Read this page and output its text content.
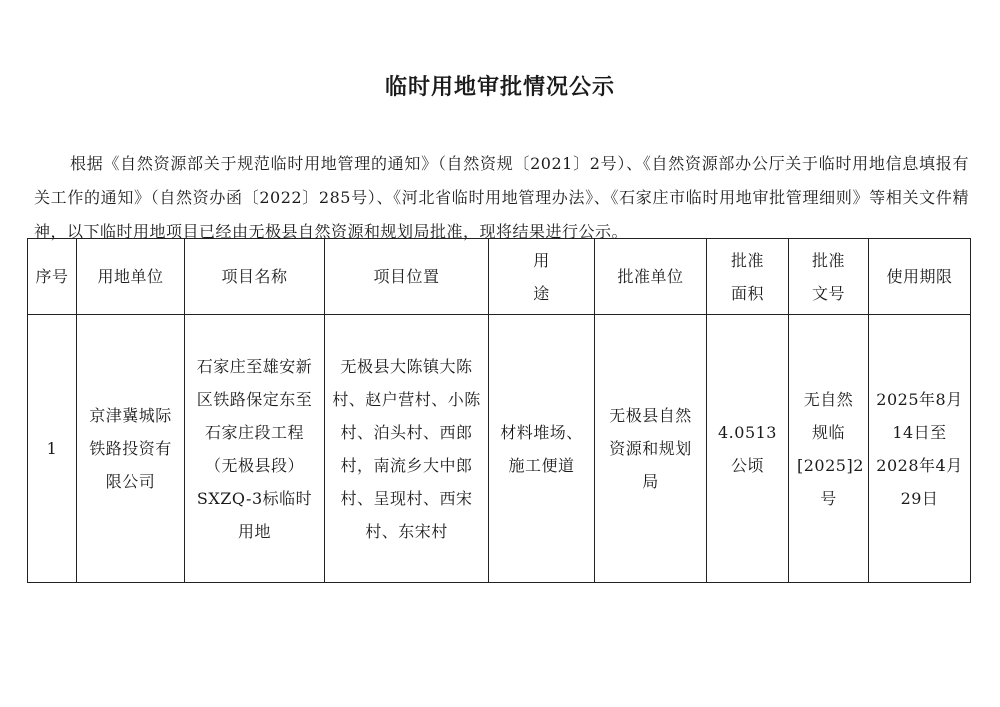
临时用地审批情况公示

根据《自然资源部关于规范临时用地管理的通知》（自然资规〔2021〕2号）、《自然资源部办公厅关于临时用地信息填报有关工作的通知》（自然资办函〔2022〕285号）、《河北省临时用地管理办法》、《石家庄市临时用地审批管理细则》等相关文件精神，以下临时用地项目已经由无极县自然资源和规划局批准，现将结果进行公示。

序号	用地单位	项目名称	项目位置	用途	批准单位	批准面积	批准文号	使用期限
1	京津冀城际铁路投资有限公司	石家庄至雄安新区铁路保定东至石家庄段工程（无极县段）SXZQ-3标临时用地	无极县大陈镇大陈村、赵户营村、小陈村、泊头村、西郎村，南流乡大中郎村、呈现村、西宋村、东宋村	材料堆场、施工便道	无极县自然资源和规划局	4.0513公顷	无自然规临[2025]2号	2025年8月14日至2028年4月29日
